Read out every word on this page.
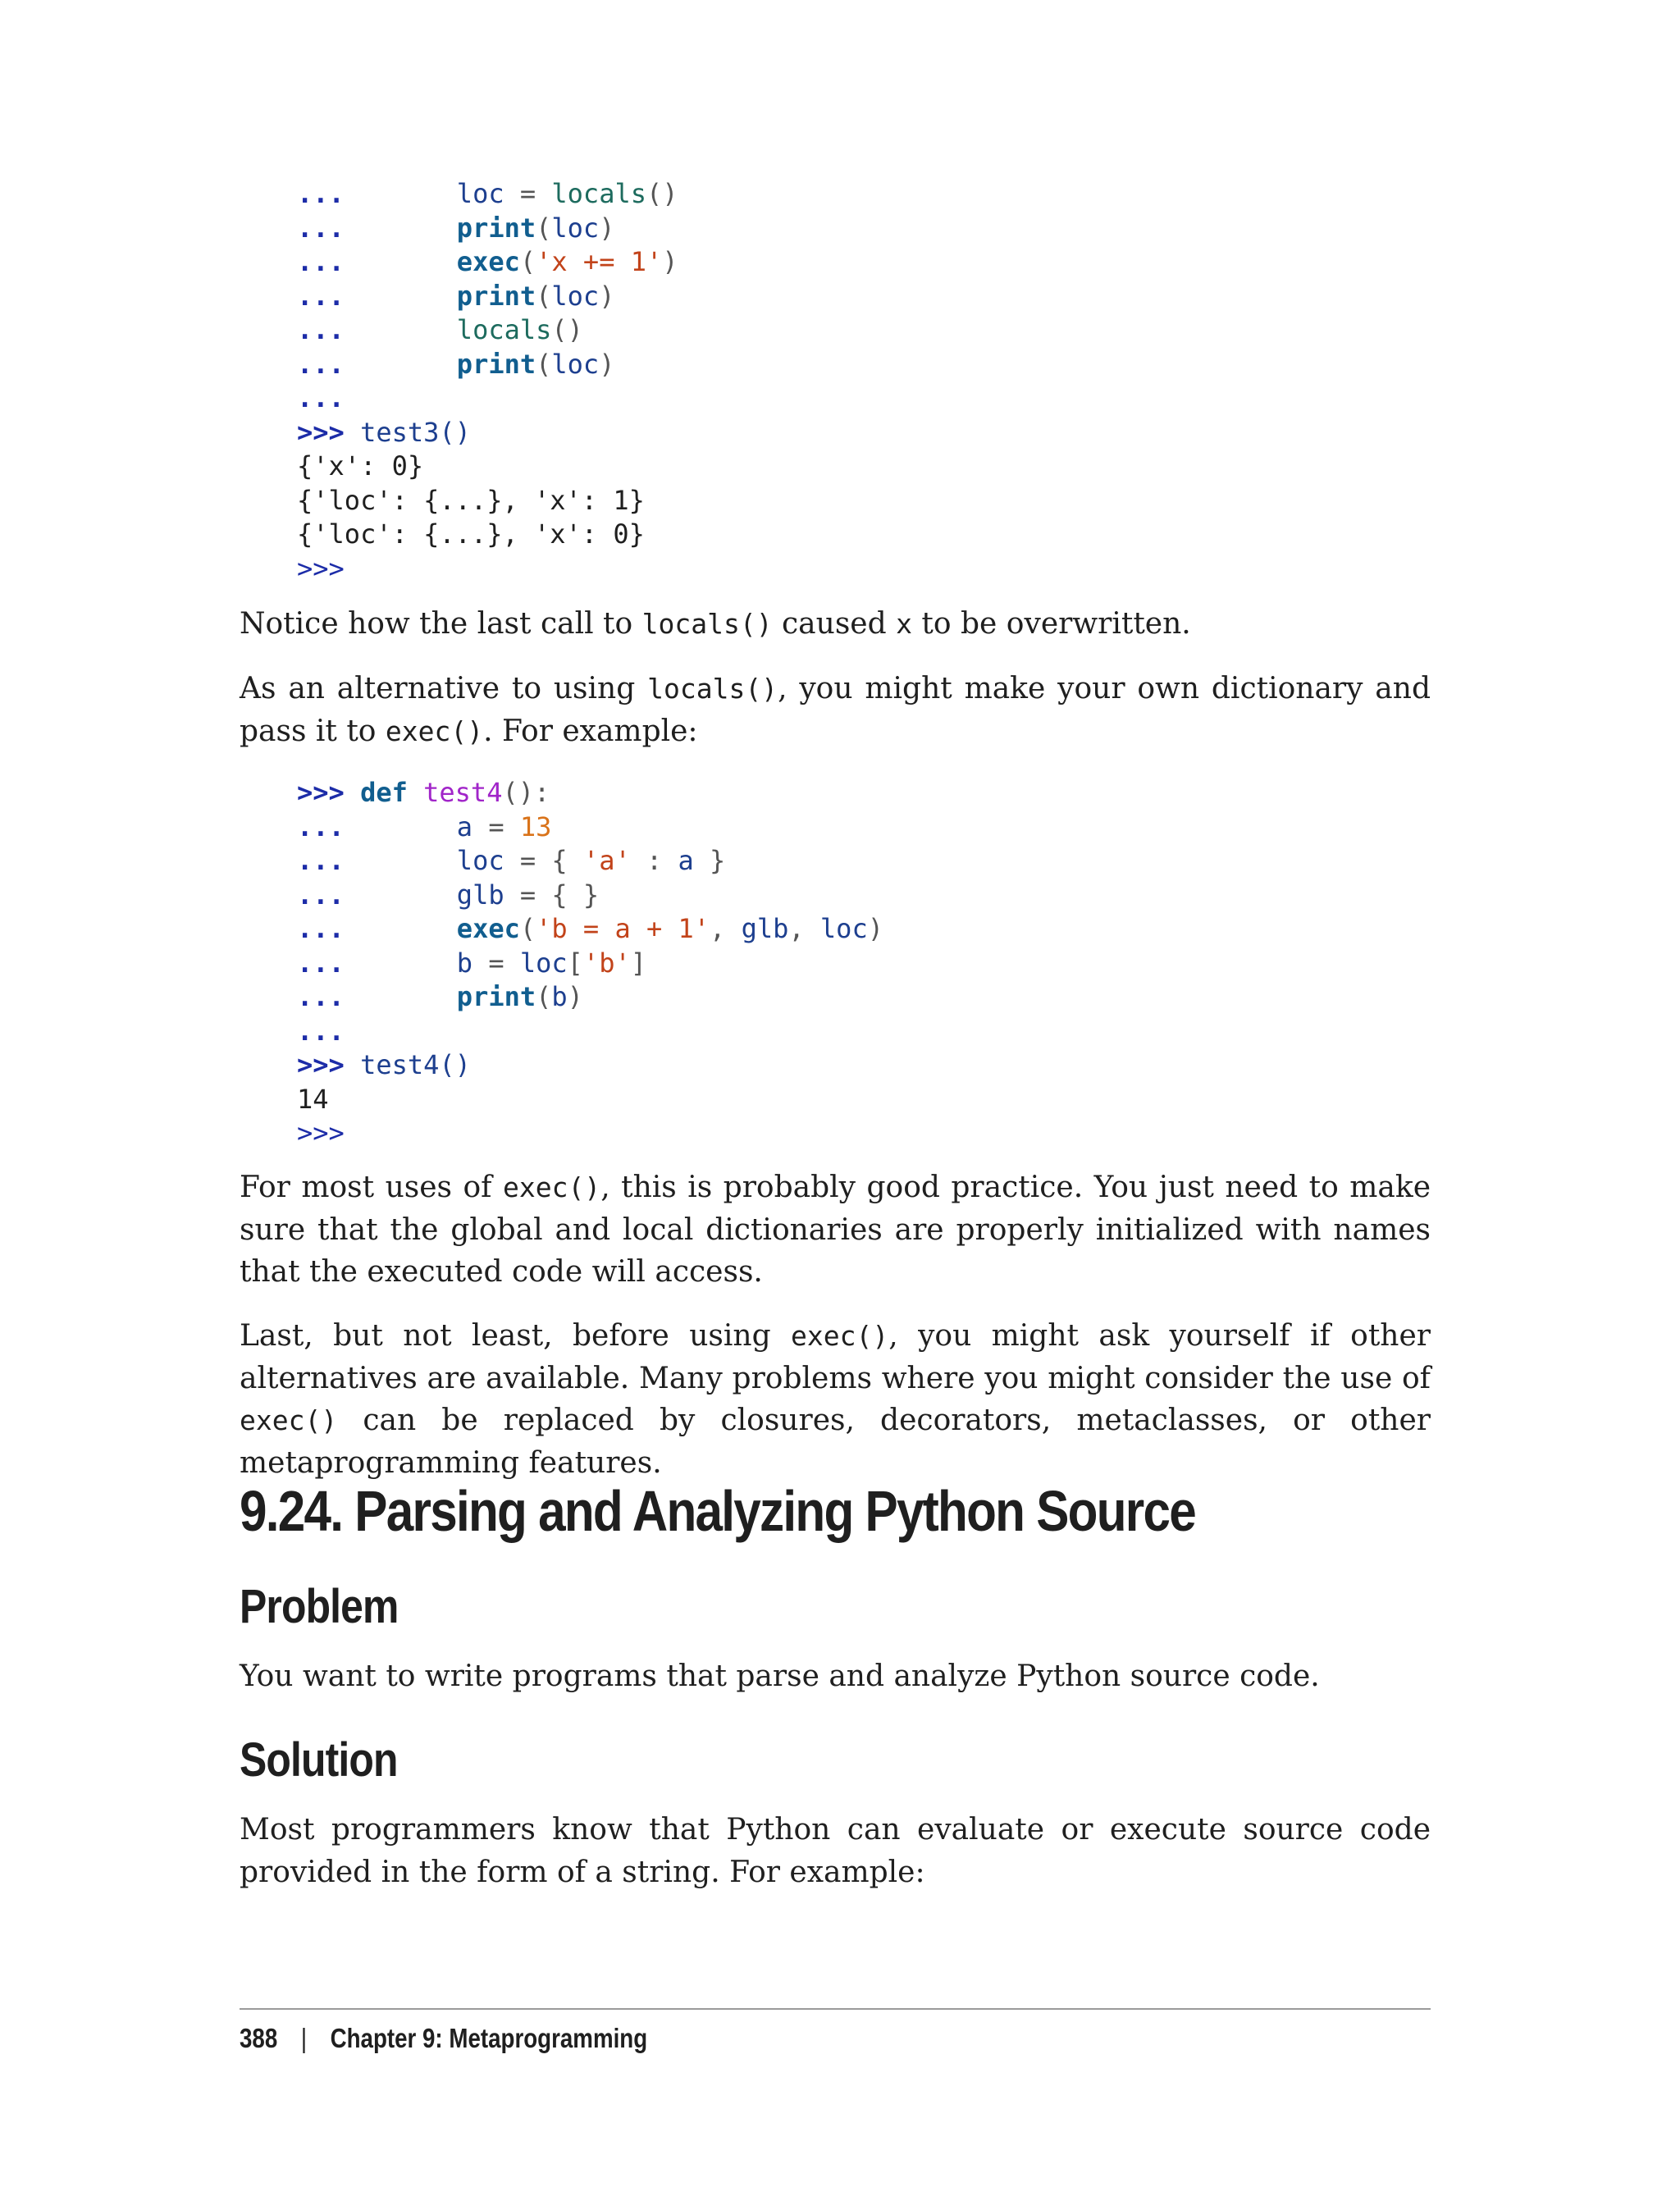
...	loc = locals()
...	print(loc)
...	exec('x += 1')
...	print(loc)
...	locals()
...	print(loc)
...
>>> test3()
{'x': 0}
{'loc': {...}, 'x': 1}
{'loc': {...}, 'x': 0}
>>>

Notice how the last call to locals() caused x to be overwritten.

As an alternative to using locals(), you might make your own dictionary and pass it to exec(). For example:

>>> def test4():
...	a = 13
...	loc = { 'a' : a }
...	glb = { }
...	exec('b = a + 1', glb, loc)
...	b = loc['b']
...	print(b)
...
>>> test4()
14
>>>

For most uses of exec(), this is probably good practice. You just need to make sure that the global and local dictionaries are properly initialized with names that the executed code will access.

Last, but not least, before using exec(), you might ask yourself if other alternatives are available. Many problems where you might consider the use of exec() can be replaced by closures, decorators, metaclasses, or other metaprogramming features.

9.24. Parsing and Analyzing Python Source
Problem

You want to write programs that parse and analyze Python source code.

Solution

Most programmers know that Python can evaluate or execute source code provided in the form of a string. For example:

388 | Chapter 9: Metaprogramming
